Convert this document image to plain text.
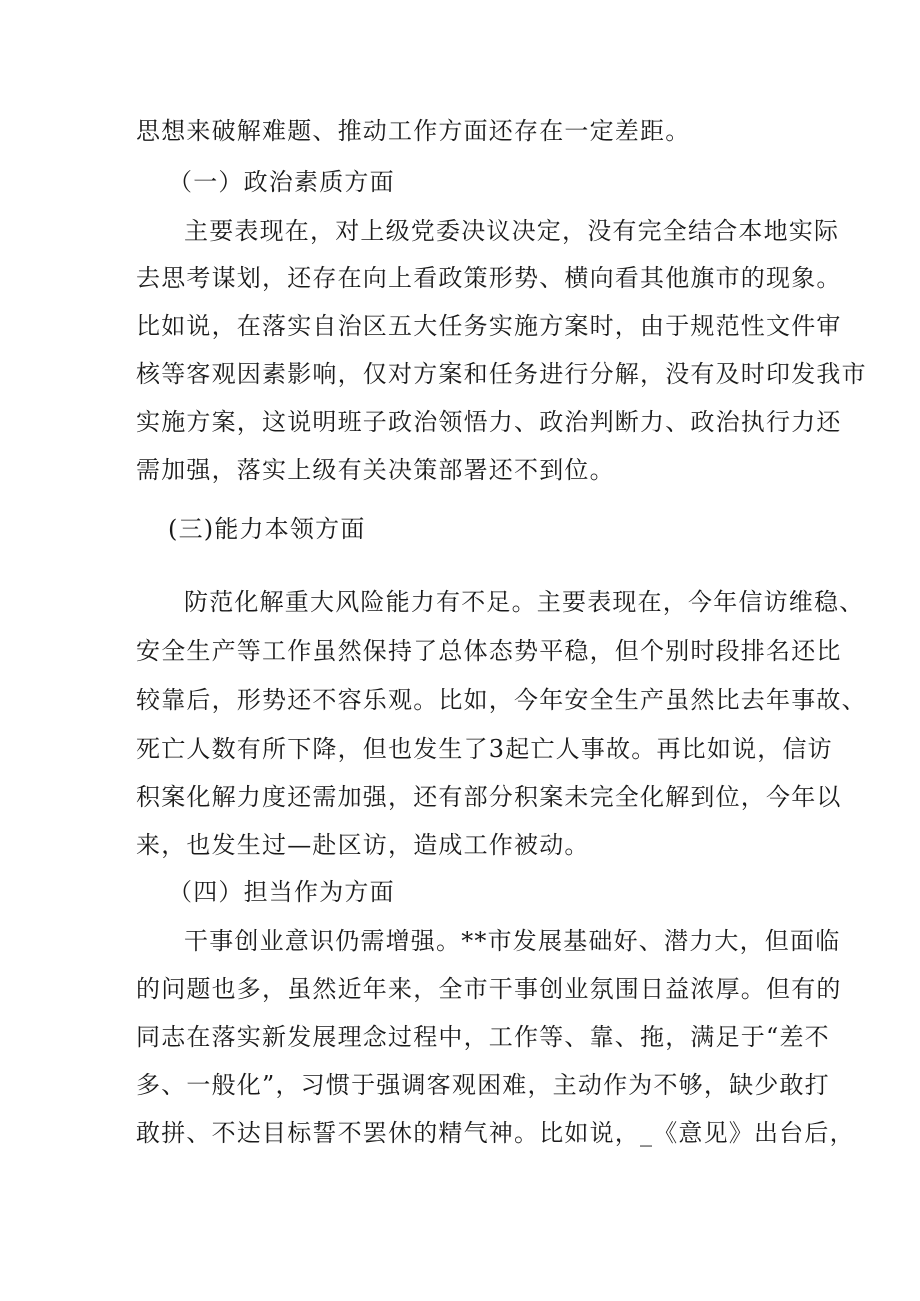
思想来破解难题、推动工作方面还存在一定差距。
（一）政治素质方面
主要表现在，对上级党委决议决定，没有完全结合本地实际
去思考谋划，还存在向上看政策形势、横向看其他旗市的现象。
比如说，在落实自治区五大任务实施方案时，由于规范性文件审
核等客观因素影响，仅对方案和任务进行分解，没有及时印发我市
实施方案，这说明班子政治领悟力、政治判断力、政治执行力还
需加强，落实上级有关决策部署还不到位。
(三)能力本领方面
防范化解重大风险能力有不足。主要表现在，今年信访维稳、
安全生产等工作虽然保持了总体态势平稳，但个别时段排名还比
较靠后，形势还不容乐观。比如，今年安全生产虽然比去年事故、
死亡人数有所下降，但也发生了3起亡人事故。再比如说，信访
积案化解力度还需加强，还有部分积案未完全化解到位，今年以
来，也发生过—赴区访，造成工作被动。
（四）担当作为方面
干事创业意识仍需增强。**市发展基础好、潜力大，但面临
的问题也多，虽然近年来，全市干事创业氛围日益浓厚。但有的
同志在落实新发展理念过程中，工作等、靠、拖，满足于“差不
多、一般化”，习惯于强调客观困难，主动作为不够，缺少敢打
敢拼、不达目标誓不罢休的精气神。比如说，_《意见》出台后，
